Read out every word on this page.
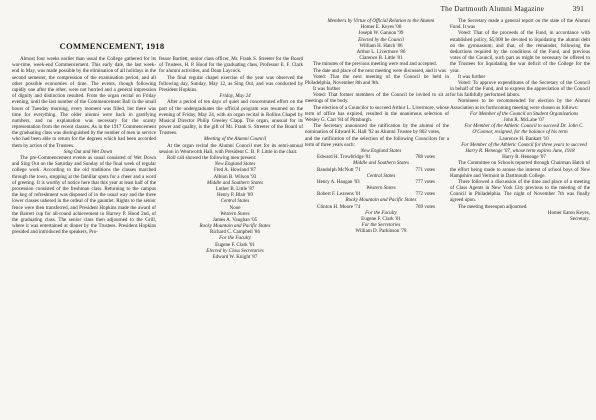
The Dartmouth Alumni Magazine	391
COMMENCEMENT, 1918

Almost four weeks earlier than usual the College gathered for its war-time, week-end Commencement. This early date, the last week-end in May, was made possible by the elimination of all holidays in the second semester, the compression of the examination period, and all other possible economies of time. The events, though following rapidly one after the other, were not hurried and a general impression of dignity and distinction resulted. From the organ recital on Friday evening, until the last number of the Commencement Ball in the small hours of Tuesday morning, every moment was filled, but there was time for everything. The older alumni were back in gratifying numbers, and no explanation was necessary for the scanty representation from the recent classes. As in the 1917 Commencement the graduating class was distinguished by the number of men in service who had been able to return for the degrees which had been accorded them by action of the Trustees.

Sing Out and Wet Down

The pre-Commencement events as usual consisted of Wet Down and Sing Out on the Saturday and Sunday of the final week of regular college work. According to the old traditions the classes marched through the town, stopping at the familiar spots for a cheer and a word of greeting. It is worthy of notice here that this year at least half of the procession consisted of the freshman class. Returning to the campus the keg of refreshment was disposed of in the usual way and the three lower classes ushered in the ordeal of the gauntlet. Rights to the senior fence were then transferred, and President Hopkins made the award of the Barrett cup for all-round achievement to Harvey P. Hood 2nd, of the graduating class. The senior class then adjourned to the Grill, where it was entertained at dinner by the Trustees. President Hopkins presided and introduced the speakers, Pro-

fessor Bartlett, senior class officer, Mr. Frank S. Streeter for the Board of Trustees, H. P. Hood for the graduating class, Professor E. F. Clark for alumni activities, and Dean Laycock.

The final regular chapel exercise of the year was observed the following day, Sunday, May 12, as Sing Out, and was conducted by President Hopkins.

Friday, May 24

After a period of ten days of quiet and concentrated effort on the part of the undergraduates the official program was resumed on the evening of Friday, May 24, with an organ recital in Rollins Chapel by Musical Director Philip Greeley Clapp. The organ, unusual for its power and quality, is the gift of Mr. Frank S. Streeter of the Board of Trustees.

Meeting of the Alumni Council

At the organ recital the Alumni Council met for its semi-annual session in Wentworth Hall, with President C. B. P. Little in the chair.

Roll call showed the following men present:

New England States

Fred A. Howland '87

Albion B. Wilson '93

Middle and Southern States

Luther B. Little '87

Henry P. Blair '89

Central States

None

Western States

James A. Vaughan '05

Rocky Mountain and Pacific States

Richard C. Campbell '86

For the Faculty

Eugene F. Clark '01

Elected by Class Secretaries

Edward W. Knight '87

Members by Virtue of Official Relation to the Alumni

Homer E. Keyes '00

Joseph W. Gannon '99

Elected by the Council

William H. Hatch '86

Arthur L. Livermore '86

Clarence B. Little '81

The minutes of the previous meeting were read and accepted.

The date and place of the next meeting were discussed, and it was

Voted: That the next meeting of the Council be held in Philadelphia, November 8th and 9th.

It was further

Voted: That former members of the Council be invited to sit at meetings of the body.

The election of a Councilor to succeed Arthur L. Livermore, whose term of office has expired, resulted in the unanimous selection of Wesley G. Carr '84 of Pittsburgh.

The Secretary announced the ratification by the alumni of the nomination of Edward K. Hall '92 as Alumni Trustee by 802 votes,

and the ratification of the selection of the following Councilors for a term of three years each:

New England States

Edward H. Trowbridge '81	788 votes

Middle and Southern States

Randolph McNutt '71	771 votes

Central States

Henry A. Haugan '03	777 votes

Western States

Robert F. Leavens '01	772 votes

Rocky Mountain and Pacific States

Clinton H. Moore '74	769 votes

For the Faculty

Eugene F. Clark '01

For the Secretaries

William D. Parkinson '78

The Secretary made a general report on the state of the Alumni Fund. It was

Voted: That of the proceeds of the Fund, in accordance with established policy, $5,000 be devoted to liquidating the alumni debt on the gymnasium; and that, of the remainder, following the deductions required by the conditions of the Fund, and previous votes of the Council, such part as might be necessary be offered to the Trustees for liquidating the war deficit of the College for the year.

It was further

Voted: To approve expenditures of the Secretary of the Council in behalf of the Fund, and to express the appreciation of the Council for his faithfully performed labors.

Nominees to be recommended for election by the Alumni Association at its forthcoming meeting were chosen as follows:

For Member of the Council on Student Organizations

John R. McLane '07

For Member of the Athletic Council to succeed Dr. John C. O'Connor, resigned, for the balance of his term

Laurence H. Bankart '10

For Member of the Athletic Council for three years to succeed Harry R. Heneage '07, whose term expires June, 1918

Harry R. Heneage '07

The Committee on Schools reported through Chairman Hatch of the effort being made to arouse the interest of school boys of New Hampshire and Vermont in Dartmouth College.

There followed a discussion of the time and place of a meeting of Class Agents in New York City previous to the meeting of the Council in Philadelphia. The night of November 7th was finally agreed upon.

The meeting thereupon adjourned.

Homer Eaton Keyes,

Secretary.
